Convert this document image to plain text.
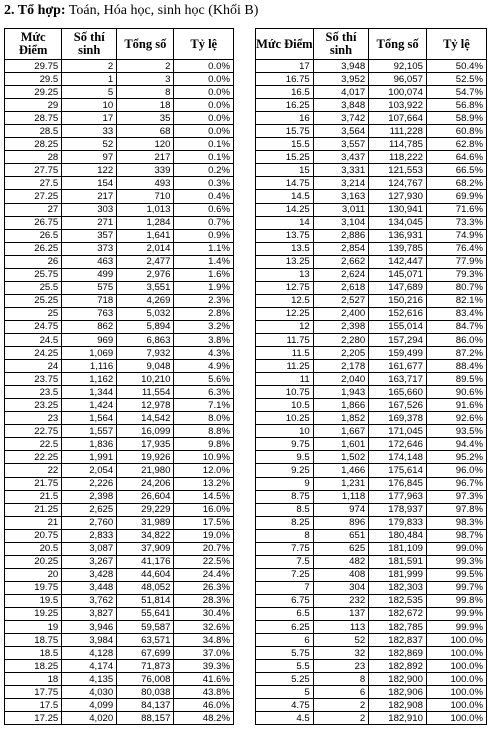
2. Tổ hợp: Toán, Hóa học, sinh học (Khối B)
Mức Điểm	Số thí sinh	Tổng số	Tỷ lệ
29.75	2	2	0.0%
29.5	1	3	0.0%
29.25	5	8	0.0%
29	10	18	0.0%
28.75	17	35	0.0%
28.5	33	68	0.0%
28.25	52	120	0.1%
28	97	217	0.1%
27.75	122	339	0.2%
27.5	154	493	0.3%
27.25	217	710	0.4%
27	303	1,013	0.6%
26.75	271	1,284	0.7%
26.5	357	1,641	0.9%
26.25	373	2,014	1.1%
26	463	2,477	1.4%
25.75	499	2,976	1.6%
25.5	575	3,551	1.9%
25.25	718	4,269	2.3%
25	763	5,032	2.8%
24.75	862	5,894	3.2%
24.5	969	6,863	3.8%
24.25	1,069	7,932	4.3%
24	1,116	9,048	4.9%
23.75	1,162	10,210	5.6%
23.5	1,344	11,554	6.3%
23.25	1,424	12,978	7.1%
23	1,564	14,542	8.0%
22.75	1,557	16,099	8.8%
22.5	1,836	17,935	9.8%
22.25	1,991	19,926	10.9%
22	2,054	21,980	12.0%
21.75	2,226	24,206	13.2%
21.5	2,398	26,604	14.5%
21.25	2,625	29,229	16.0%
21	2,760	31,989	17.5%
20.75	2,833	34,822	19.0%
20.5	3,087	37,909	20.7%
20.25	3,267	41,176	22.5%
20	3,428	44,604	24.4%
19.75	3,448	48,052	26.3%
19.5	3,762	51,814	28.3%
19.25	3,827	55,641	30.4%
19	3,946	59,587	32.6%
18.75	3,984	63,571	34.8%
18.5	4,128	67,699	37.0%
18.25	4,174	71,873	39.3%
18	4,135	76,008	41.6%
17.75	4,030	80,038	43.8%
17.5	4,099	84,137	46.0%
17.25	4,020	88,157	48.2%
Mức Điểm	Số thí sinh	Tổng số	Tỷ lệ
17	3,948	92,105	50.4%
16.75	3,952	96,057	52.5%
16.5	4,017	100,074	54.7%
16.25	3,848	103,922	56.8%
16	3,742	107,664	58.9%
15.75	3,564	111,228	60.8%
15.5	3,557	114,785	62.8%
15.25	3,437	118,222	64.6%
15	3,331	121,553	66.5%
14.75	3,214	124,767	68.2%
14.5	3,163	127,930	69.9%
14.25	3,011	130,941	71.6%
14	3,104	134,045	73.3%
13.75	2,886	136,931	74.9%
13.5	2,854	139,785	76.4%
13.25	2,662	142,447	77.9%
13	2,624	145,071	79.3%
12.75	2,618	147,689	80.7%
12.5	2,527	150,216	82.1%
12.25	2,400	152,616	83.4%
12	2,398	155,014	84.7%
11.75	2,280	157,294	86.0%
11.5	2,205	159,499	87.2%
11.25	2,178	161,677	88.4%
11	2,040	163,717	89.5%
10.75	1,943	165,660	90.6%
10.5	1,866	167,526	91.6%
10.25	1,852	169,378	92.6%
10	1,667	171,045	93.5%
9.75	1,601	172,646	94.4%
9.5	1,502	174,148	95.2%
9.25	1,466	175,614	96.0%
9	1,231	176,845	96.7%
8.75	1,118	177,963	97.3%
8.5	974	178,937	97.8%
8.25	896	179,833	98.3%
8	651	180,484	98.7%
7.75	625	181,109	99.0%
7.5	482	181,591	99.3%
7.25	408	181,999	99.5%
7	304	182,303	99.7%
6.75	232	182,535	99.8%
6.5	137	182,672	99.9%
6.25	113	182,785	99.9%
6	52	182,837	100.0%
5.75	32	182,869	100.0%
5.5	23	182,892	100.0%
5.25	8	182,900	100.0%
5	6	182,906	100.0%
4.75	2	182,908	100.0%
4.5	2	182,910	100.0%
